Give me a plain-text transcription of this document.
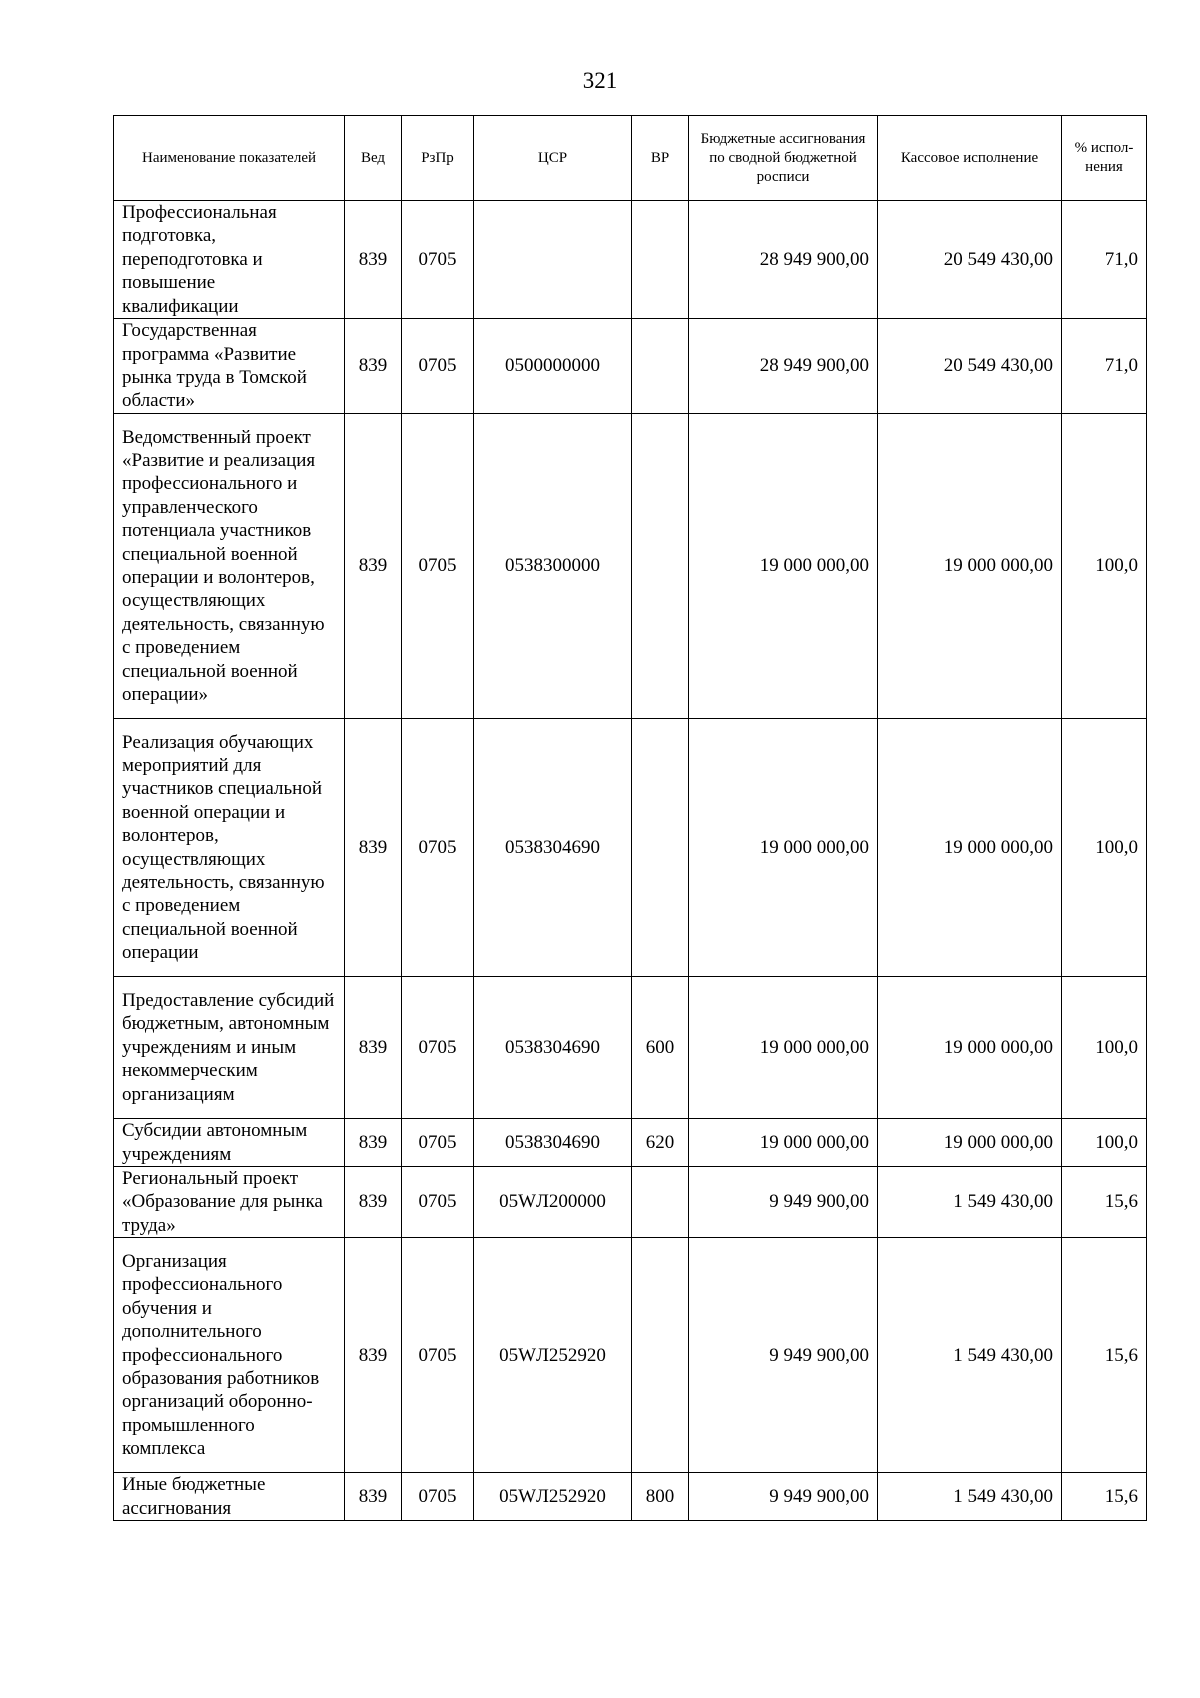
321
Наименование показателей	Вед	РзПр	ЦСР	ВР	Бюджетные ассигнования по сводной бюджетной росписи	Кассовое исполнение	% испол-нения
Профессиональная подготовка, переподготовка и повышение квалификации	839	0705			28 949 900,00	20 549 430,00	71,0
Государственная программа «Развитие рынка труда в Томской области»	839	0705	0500000000		28 949 900,00	20 549 430,00	71,0
Ведомственный проект «Развитие и реализация профессионального и управленческого потенциала участников специальной военной операции и волонтеров, осуществляющих деятельность, связанную с проведением специальной военной операции»	839	0705	0538300000		19 000 000,00	19 000 000,00	100,0
Реализация обучающих мероприятий для участников специальной военной операции и волонтеров, осуществляющих деятельность, связанную с проведением специальной военной операции	839	0705	0538304690		19 000 000,00	19 000 000,00	100,0
Предоставление субсидий бюджетным, автономным учреждениям и иным некоммерческим организациям	839	0705	0538304690	600	19 000 000,00	19 000 000,00	100,0
Субсидии автономным учреждениям	839	0705	0538304690	620	19 000 000,00	19 000 000,00	100,0
Региональный проект «Образование для рынка труда»	839	0705	05WЛ200000		9 949 900,00	1 549 430,00	15,6
Организация профессионального обучения и дополнительного профессионального образования работников организаций оборонно-промышленного комплекса	839	0705	05WЛ252920		9 949 900,00	1 549 430,00	15,6
Иные бюджетные ассигнования	839	0705	05WЛ252920	800	9 949 900,00	1 549 430,00	15,6
